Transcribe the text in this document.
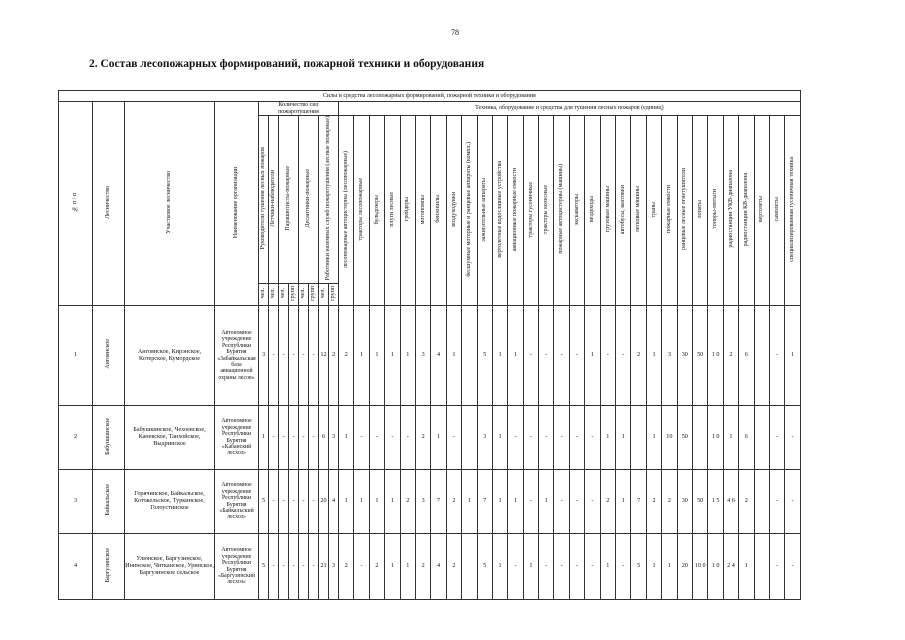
78
2. Состав лесопожарных формирований, пожарной техники и оборудования
Силы и средства лесопожарных формирований, пожарной техники и оборудования																																									
№ п / п	Лесничество	Участковое лесничество	Наименование организации	Количество сил пожаротушения								Техника, оборудование и средства для тушения лесных пожаров (единиц)																													
				Руководители тушения лесных пожаров	Летчики-наблюдатели	Парашютисты-пожарные		Десантники-пожарные		Работники наземных служб пожаротушения (лесные пожарные)		лесопожарные автоцистерны (лесопожарные)	тракторы лесопожарные	бульдозеры	плуги лесные	грейдеры	мотопомпы	бензопилы	воздуходувки	бесшумные моторные и ранцевые аппараты (компл.)	зажигательные аппараты	вертолетные водосливные устройства	авиационные пожарные емкости	тракторы гусеничные	тракторы колесные	пожарные автоцистерны (машины)	экскаваторы	вездеходы	грузовые машины	автобусы, вахтовки	легковые машины	трапы	пожарные емкости	ранцевые лесные огнетушители	лопаты	топоры-мотыги	радиостанции УКВ-диапазона	радиостанции КВ-диапазона	вертолеты	самолеты	специализированная гусеничная техника
				чел.	чел.	чел.	групп	чел.	групп	чел.	групп																														
1	Ангоянское	Ангоянское, Кирэнское, Котерское, Кумордское	Автономное учреждение Республики Бурятия «Забайкальская база авиационной охраны лесов»	3	-	-	-	-	-	12	2	2	1	1	1	1	3	4	1		5	1	1	-	-	-	-	1	-	-	2	1	3	30	50	1 0	2	6		-	1
2	Бабушкинское	Бабушкинское, Чехоевское, Каневское, Танхойское, Выдринское	Автономное учреждение Республики Бурятия «Кабанский лесхоз»	1	-	-	-	-	-	6	3	1	-	-	-	-	2	1	-		3	1	-	-	-	-	-	-	1	1		1	10	50		1 0	1	6		-	-
3	Байкальское	Горячинское, Байкальское, Котокельское, Туркинское, Голоустинское	Автономное учреждение Республики Бурятия «Байкальский лесхоз»	5	-	-	-	-	-	20	4	1	1	1	1	2	3	7	2	1	7	1	1	-	1	-	-	-	2	1	7	2	2	30	50	1 5	4 6	2		-	-
4	Баргузинское	Улюнское, Баргузинское, Ининское, Читканское, Уринское, Баргузинское сельское	Автономное учреждение Республики Бурятия «Баргузинский лесхоз»	5	-	-	-	-	-	21	3	2	-	2	1	1	2	4	2		5	1	-	1	-	-	-	-	1	-	5	1	1	20	10 0	1 0	2 4	1		-	-
